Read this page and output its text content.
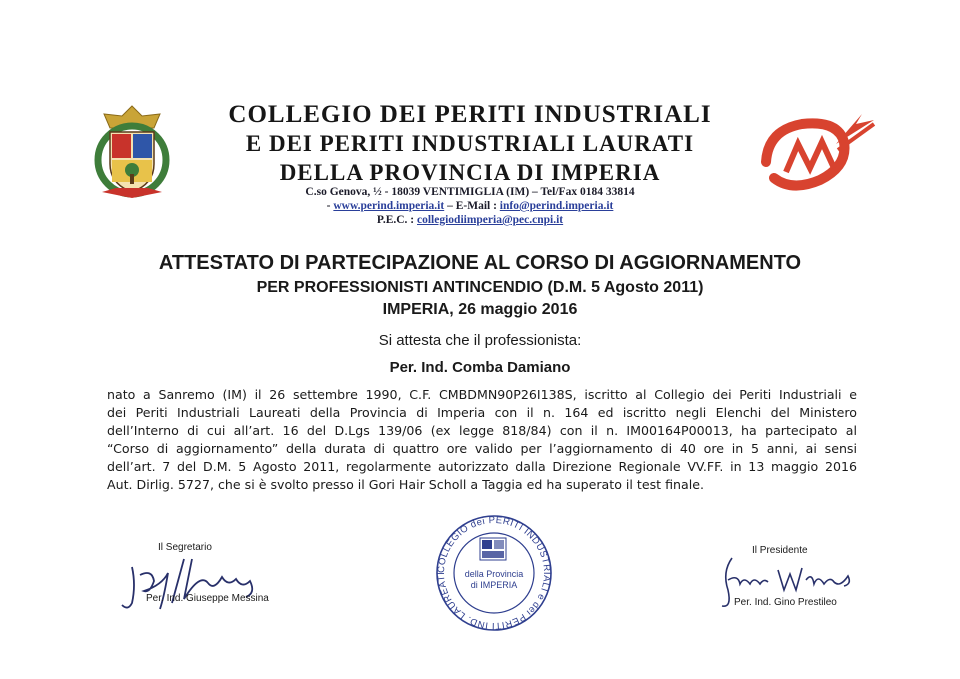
COLLEGIO DEI PERITI INDUSTRIALI
E DEI PERITI INDUSTRIALI LAURATI
DELLA PROVINCIA DI IMPERIA
C.so Genova, ½ - 18039 VENTIMIGLIA (IM) – Tel/Fax 0184 33814
- www.perind.imperia.it – E-Mail : info@perind.imperia.it
P.E.C. : collegiodiimperia@pec.cnpi.it
ATTESTATO DI PARTECIPAZIONE AL CORSO DI AGGIORNAMENTO
PER PROFESSIONISTI ANTINCENDIO (D.M. 5 Agosto 2011)
IMPERIA, 26 maggio 2016
Si attesta che il professionista:
Per. Ind. Comba Damiano
nato a Sanremo (IM) il 26 settembre 1990, C.F. CMBDMN90P26I138S, iscritto al Collegio dei Periti Industriali e
dei Periti Industriali Laureati della Provincia di Imperia con il n. 164 ed iscritto negli Elenchi del Ministero
dell’Interno di cui all’art. 16 del D.Lgs 139/06 (ex legge 818/84) con il n. IM00164P00013, ha partecipato al
“Corso di aggiornamento” della durata di quattro ore valido per l’aggiornamento di 40 ore in 5 anni, ai sensi
dell’art. 7 del D.M. 5 Agosto 2011, regolarmente autorizzato dalla Direzione Regionale VV.FF. in 13 maggio 2016
Aut. Dirlig. 5727, che si è svolto presso il Gori Hair Scholl a Taggia ed ha superato il test finale.
Il Segretario
Per. Ind. Giuseppe Messina
COLLEGIO dei PERITI INDUSTRIALI e dei PERITI IND. LAUREATI	della Provincia
di IMPERIA
Il Presidente
Per. Ind. Gino Prestileo
